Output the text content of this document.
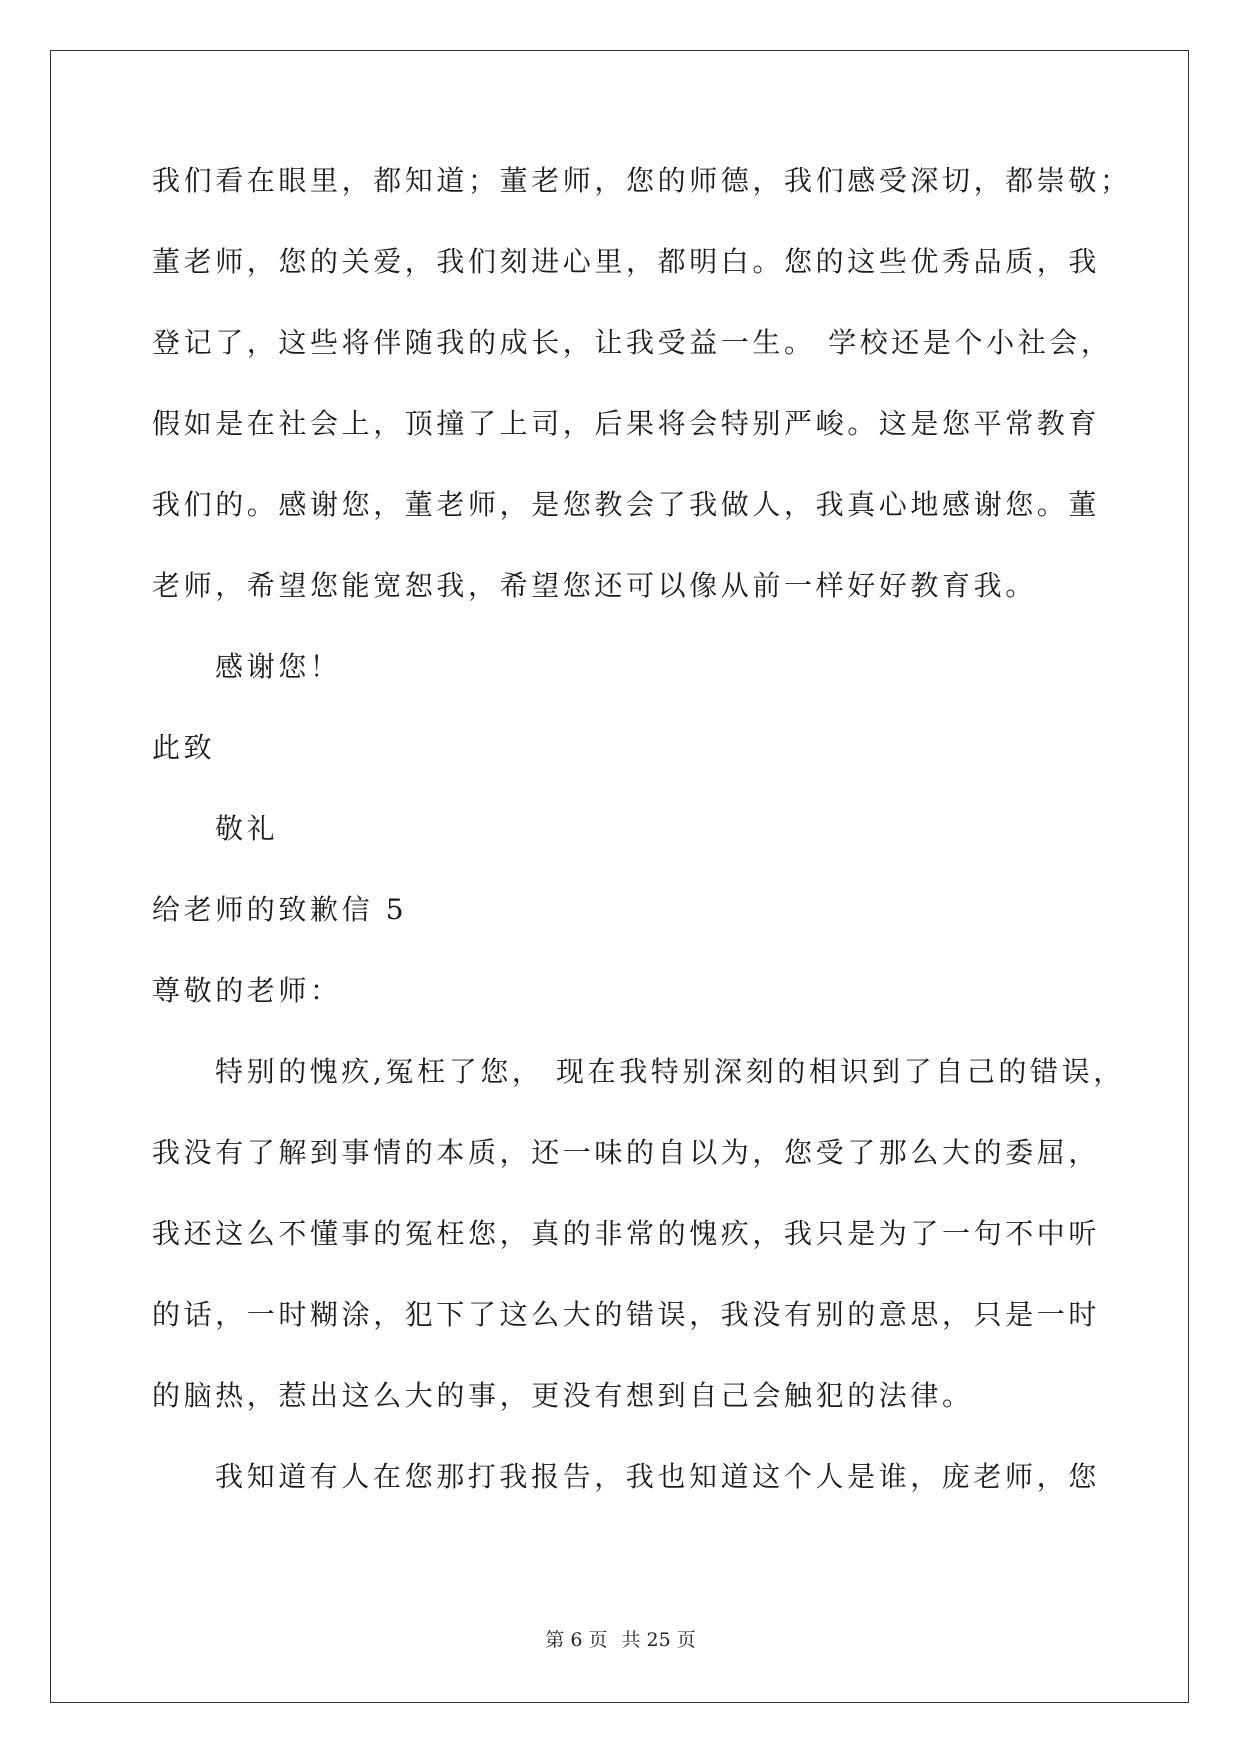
我们看在眼里，都知道；董老师，您的师德，我们感受深切，都崇敬；
董老师，您的关爱，我们刻进心里，都明白。您的这些优秀品质，我
登记了，这些将伴随我的成长，让我受益一生。 学校还是个小社会，
假如是在社会上，顶撞了上司，后果将会特别严峻。这是您平常教育
我们的。感谢您，董老师，是您教会了我做人，我真心地感谢您。董
老师，希望您能宽恕我，希望您还可以像从前一样好好教育我。
感谢您！
此致
敬礼
给老师的致歉信 5
尊敬的老师：
特别的愧疚,冤枉了您， 现在我特别深刻的相识到了自己的错误，
我没有了解到事情的本质，还一味的自以为，您受了那么大的委屈，
我还这么不懂事的冤枉您，真的非常的愧疚，我只是为了一句不中听
的话，一时糊涂，犯下了这么大的错误，我没有别的意思，只是一时
的脑热，惹出这么大的事，更没有想到自己会触犯的法律。
我知道有人在您那打我报告，我也知道这个人是谁，庞老师，您
第 6 页 共 25 页
